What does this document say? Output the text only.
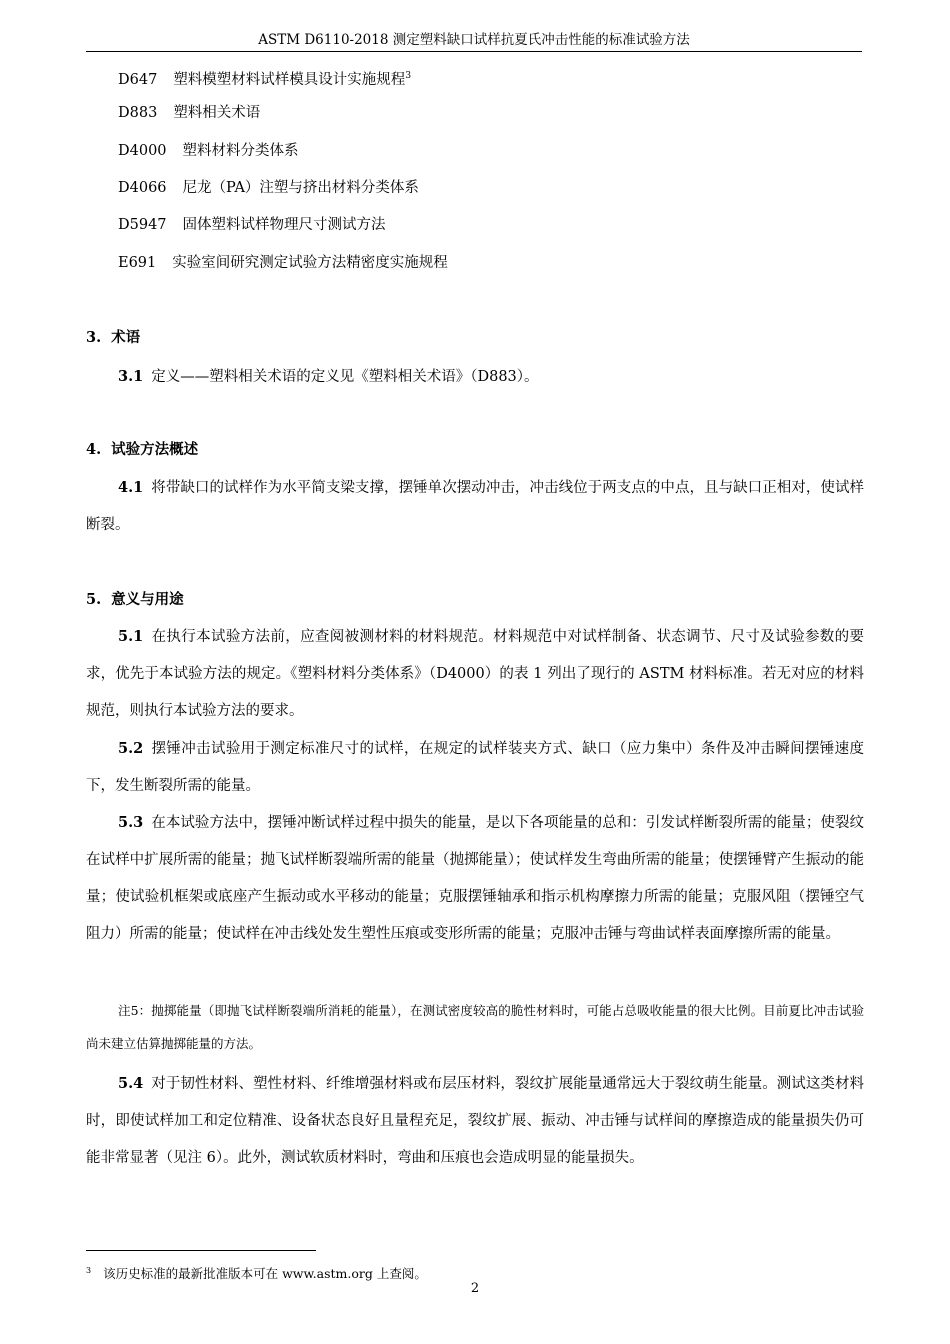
ASTM D6110-2018 测定塑料缺口试样抗夏氏冲击性能的标准试验方法
D647 塑料模塑材料试样模具设计实施规程$^3$
D883 塑料相关术语
D4000 塑料材料分类体系
D4066 尼龙（PA）注塑与挤出材料分类体系
D5947 固体塑料试样物理尺寸测试方法
E691 实验室间研究测定试验方法精密度实施规程
3. 术语
3.1 定义——塑料相关术语的定义见《塑料相关术语》（D883）。
4. 试验方法概述
4.1 将带缺口的试样作为水平简支梁支撑，摆锤单次摆动冲击，冲击线位于两支点的中点，且与缺口正相对，使试样断裂。
5. 意义与用途
5.1 在执行本试验方法前，应查阅被测材料的材料规范。材料规范中对试样制备、状态调节、尺寸及试验参数的要求，优先于本试验方法的规定。《塑料材料分类体系》（D4000）的表 1 列出了现行的 ASTM 材料标准。若无对应的材料规范，则执行本试验方法的要求。
5.2 摆锤冲击试验用于测定标准尺寸的试样，在规定的试样装夹方式、缺口（应力集中）条件及冲击瞬间摆锤速度下，发生断裂所需的能量。
5.3 在本试验方法中，摆锤冲断试样过程中损失的能量，是以下各项能量的总和：引发试样断裂所需的能量；使裂纹在试样中扩展所需的能量；抛飞试样断裂端所需的能量（抛掷能量）；使试样发生弯曲所需的能量；使摆锤臂产生振动的能量；使试验机框架或底座产生振动或水平移动的能量；克服摆锤轴承和指示机构摩擦力所需的能量；克服风阻（摆锤空气阻力）所需的能量；使试样在冲击线处发生塑性压痕或变形所需的能量；克服冲击锤与弯曲试样表面摩擦所需的能量。
注5：抛掷能量（即抛飞试样断裂端所消耗的能量），在测试密度较高的脆性材料时，可能占总吸收能量的很大比例。目前夏比冲击试验尚未建立估算抛掷能量的方法。
5.4 对于韧性材料、塑性材料、纤维增强材料或布层压材料，裂纹扩展能量通常远大于裂纹萌生能量。测试这类材料时，即使试样加工和定位精准、设备状态良好且量程充足，裂纹扩展、振动、冲击锤与试样间的摩擦造成的能量损失仍可能非常显著（见注 6）。此外，测试软质材料时，弯曲和压痕也会造成明显的能量损失。
$^3$ 该历史标准的最新批准版本可在 www.astm.org 上查阅。
2
